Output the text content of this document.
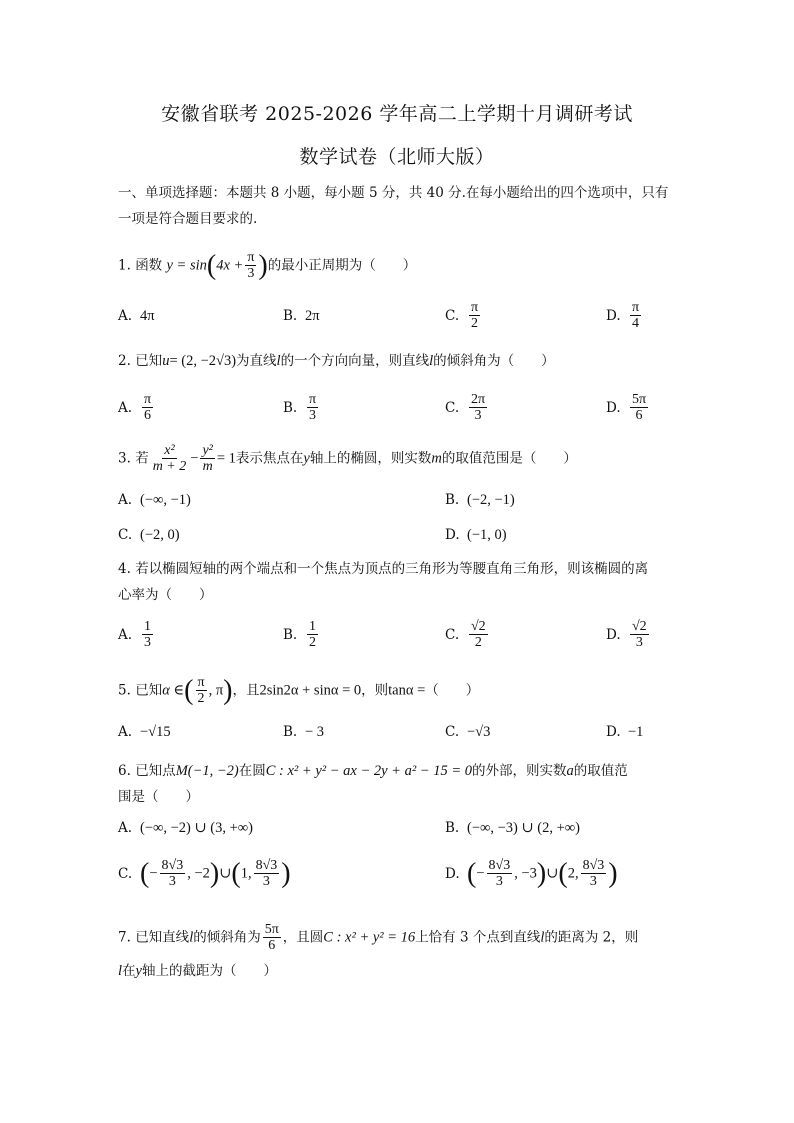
安徽省联考 2025-2026 学年高二上学期十月调研考试
数学试卷（北师大版）
一、单项选择题：本题共 8 小题，每小题 5 分，共 40 分.在每小题给出的四个选项中，只有一项是符合题目要求的.
1. 函数 $y = \sin(4x + \frac{\pi}{3}$ )的最小正周期为（　　）
A. 4π	B. 2π	C. $\frac{\pi}{2}$	D. $\frac{\pi}{4}$
2. 已知u= (2, −2√3)为直线l的一个方向向量，则直线l的倾斜角为（　　）
A. $\frac{\pi}{6}$	B. $\frac{\pi}{3}$	C. $\frac{2\pi}{3}$	D. $\frac{5\pi}{6}$
3. 若 $\frac{\text{x²}}{m + 2} - \frac{\text{y²}}{m} = 1$表示焦点在y轴上的椭圆，则实数m的取值范围是（　　）
A. (−∞, −1)	B. (−2, −1)
C. (−2, 0)	D. (−1, 0)
4. 若以椭圆短轴的两个端点和一个焦点为顶点的三角形为等腰直角三角形，则该椭圆的离
心率为（　　）
A. $\frac{1}{3}$	B. $\frac{1}{2}$	C. $\frac{√2}{2}$	D. $\frac{√2}{3}$
5. 已知α ∈( $\frac{\pi}{2}$ , π)，且2sin2α + sinα = 0，则tanα =（　　）
A. −√15	B. − 3	C. −√3	D. −1
6. 已知点M(−1, −2)在圆C : x² + y² − ax − 2y + a² − 15 = 0的外部，则实数a的取值范
围是（　　）
A. (−∞, −2) ∪ (3, +∞)	B. (−∞, −3) ∪ (2, +∞)
C. (− $\frac{8√3}{3}$ , −2)∪(1, $\frac{8√3}{3}$ )	D. (− $\frac{8√3}{3}$ , −3)∪(2, $\frac{8√3}{3}$ )
7. 已知直线l的倾斜角为 $\frac{5\pi}{6}$ ，且圆C : x² + y² = 16上恰有 3 个点到直线l的距离为 2，则
l在y轴上的截距为（　　）
